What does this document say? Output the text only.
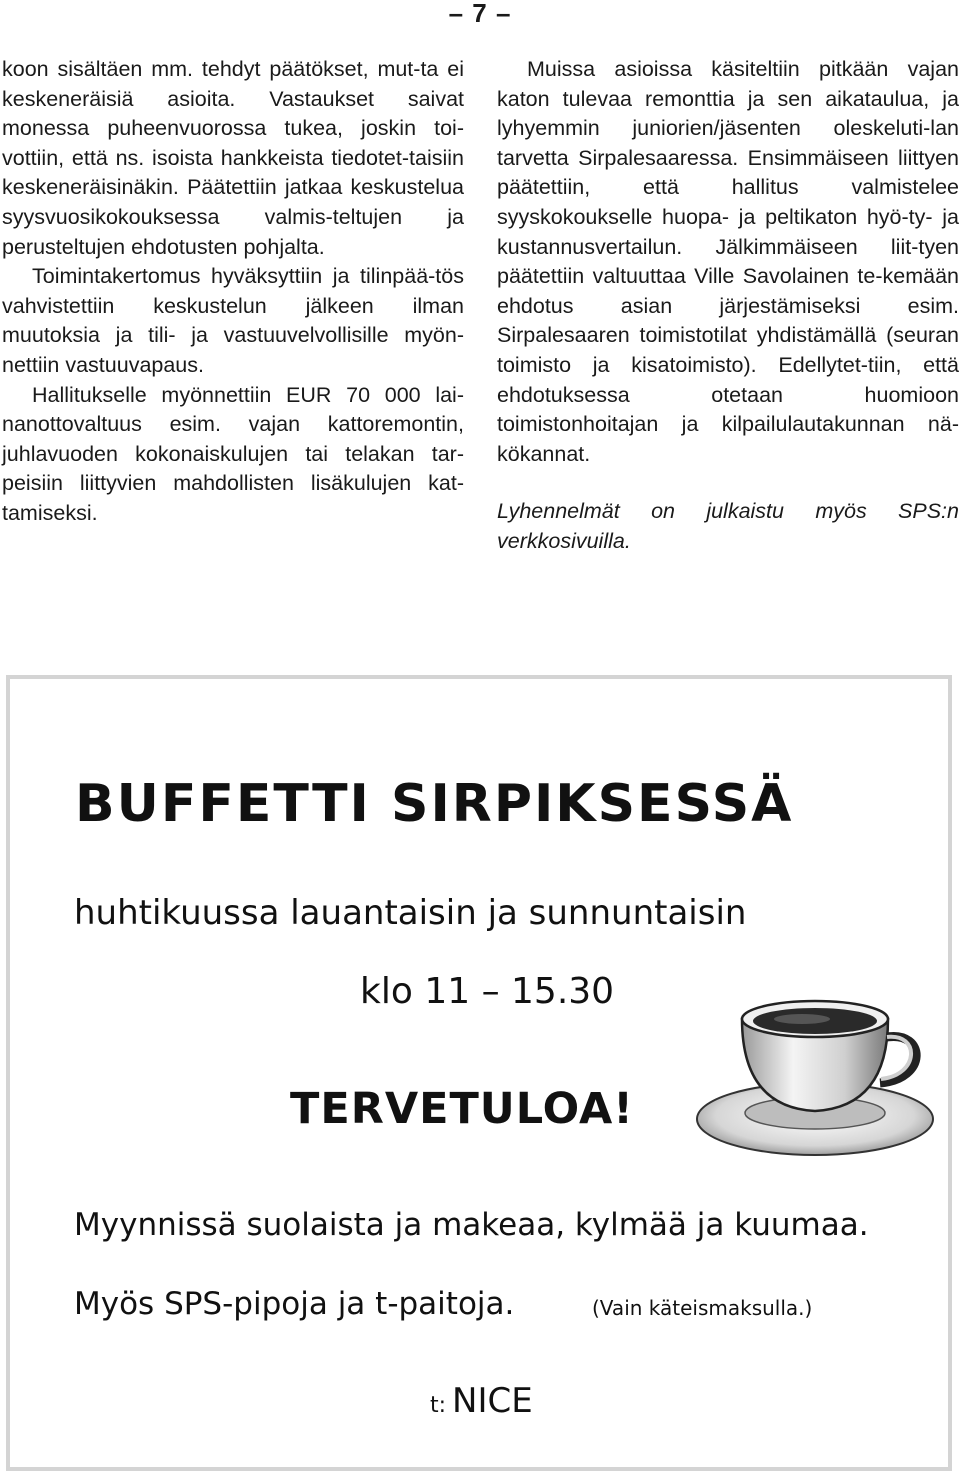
– 7 –

koon sisältäen mm. tehdyt päätökset, mut-ta ei keskeneräisiä asioita. Vastaukset saivat monessa puheenvuorossa tukea, joskin toi-vottiin, että ns. isoista hankkeista tiedotet-taisiin keskeneräisinäkin. Päätettiin jatkaa keskustelua syysvuosikokouksessa valmis-teltujen ja perusteltujen ehdotusten pohjalta.

Toimintakertomus hyväksyttiin ja tilinpää-tös vahvistettiin keskustelun jälkeen ilman muutoksia ja tili- ja vastuuvelvollisille myön-nettiin vastuuvapaus.

Hallitukselle myönnettiin EUR 70 000 lai-nanottovaltuus esim. vajan kattoremontin, juhlavuoden kokonaiskulujen tai telakan tar-peisiin liittyvien mahdollisten lisäkulujen kat-tamiseksi.

Muissa asioissa käsiteltiin pitkään vajan katon tulevaa remonttia ja sen aikataulua, ja lyhyemmin juniorien/jäsenten oleskeluti-lan tarvetta Sirpalesaaressa. Ensimmäiseen liittyen päätettiin, että hallitus valmistelee syyskokoukselle huopa- ja peltikaton hyö-ty- ja kustannusvertailun. Jälkimmäiseen liit-tyen päätettiin valtuuttaa Ville Savolainen te-kemään ehdotus asian järjestämiseksi esim. Sirpalesaaren toimistotilat yhdistämällä (seuran toimisto ja kisatoimisto). Edellytet-tiin, että ehdotuksessa otetaan huomioon toimistonhoitajan ja kilpailulautakunnan nä-kökannat.

Lyhennelmät on julkaistu myös SPS:n verkkosivuilla.

BUFFETTI SIRPIKSESSÄ
huhtikuussa lauantaisin ja sunnuntaisin
klo 11 – 15.30
TERVETULOA!
Myynnissä suolaista ja makeaa, kylmää ja kuumaa.
Myös SPS-pipoja ja t-paitoja.	(Vain käteismaksulla.)
t: NICE
